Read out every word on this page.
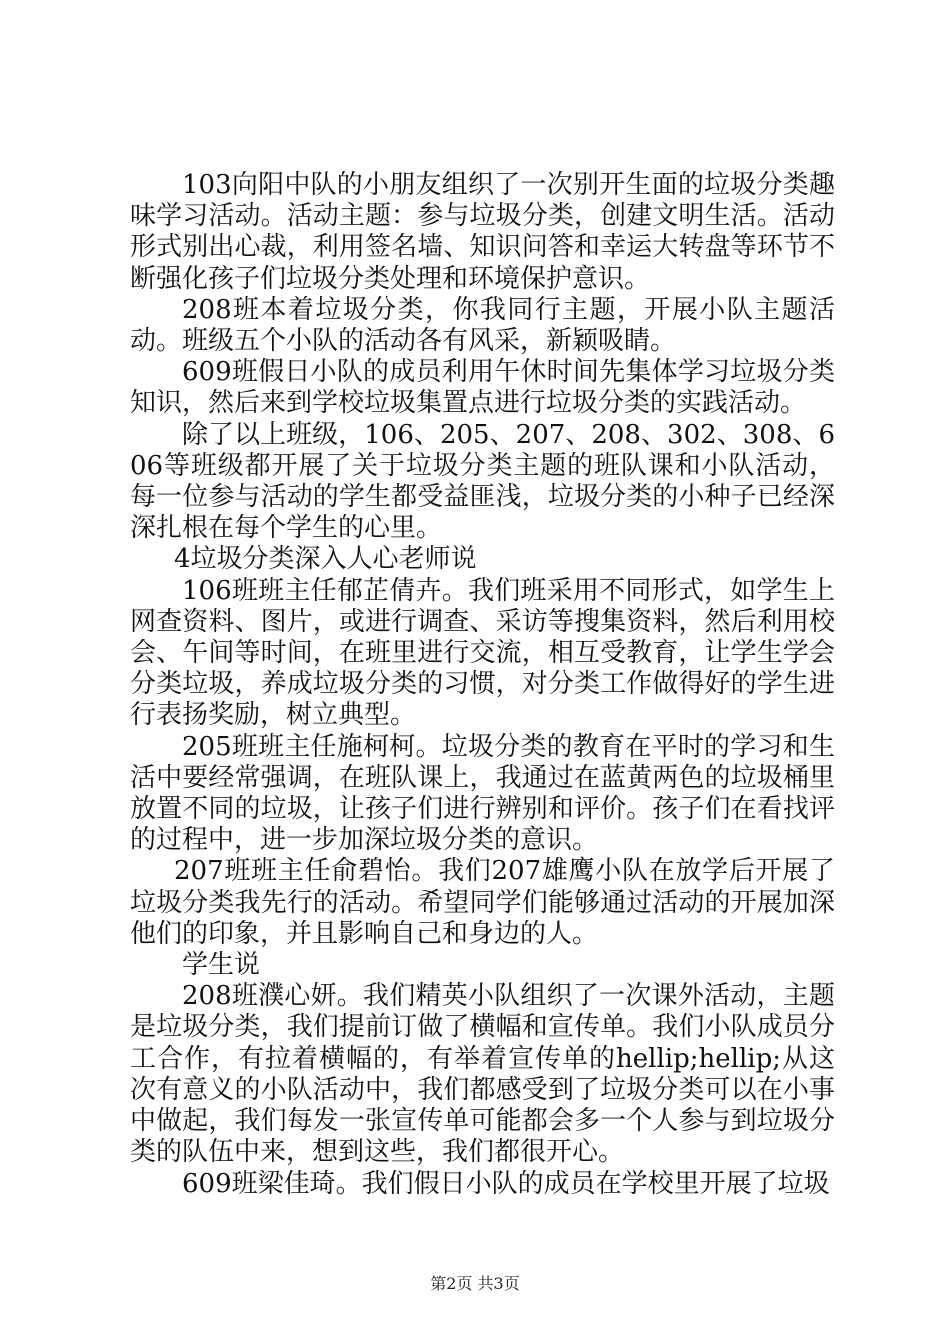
103向阳中队的小朋友组织了一次别开生面的垃圾分类趣味学习活动。活动主题：参与垃圾分类，创建文明生活。活动形式别出心裁，利用签名墙、知识问答和幸运大转盘等环节不断强化孩子们垃圾分类处理和环境保护意识。

208班本着垃圾分类，你我同行主题，开展小队主题活动。班级五个小队的活动各有风采，新颖吸睛。

609班假日小队的成员利用午休时间先集体学习垃圾分类知识，然后来到学校垃圾集置点进行垃圾分类的实践活动。

除了以上班级，106、205、207、208、302、308、606等班级都开展了关于垃圾分类主题的班队课和小队活动，每一位参与活动的学生都受益匪浅，垃圾分类的小种子已经深深扎根在每个学生的心里。

4垃圾分类深入人心老师说

106班班主任郁芷倩卉。我们班采用不同形式，如学生上网查资料、图片，或进行调查、采访等搜集资料，然后利用校会、午间等时间，在班里进行交流，相互受教育，让学生学会分类垃圾，养成垃圾分类的习惯，对分类工作做得好的学生进行表扬奖励，树立典型。

205班班主任施柯柯。垃圾分类的教育在平时的学习和生活中要经常强调，在班队课上，我通过在蓝黄两色的垃圾桶里放置不同的垃圾，让孩子们进行辨别和评价。孩子们在看找评的过程中，进一步加深垃圾分类的意识。

207班班主任俞碧怡。我们207雄鹰小队在放学后开展了垃圾分类我先行的活动。希望同学们能够通过活动的开展加深他们的印象，并且影响自己和身边的人。

学生说

208班濮心妍。我们精英小队组织了一次课外活动，主题是垃圾分类，我们提前订做了横幅和宣传单。我们小队成员分工合作，有拉着横幅的，有举着宣传单的hellip;hellip;从这次有意义的小队活动中，我们都感受到了垃圾分类可以在小事中做起，我们每发一张宣传单可能都会多一个人参与到垃圾分类的队伍中来，想到这些，我们都很开心。

609班梁佳琦。我们假日小队的成员在学校里开展了垃圾

第2页 共3页
